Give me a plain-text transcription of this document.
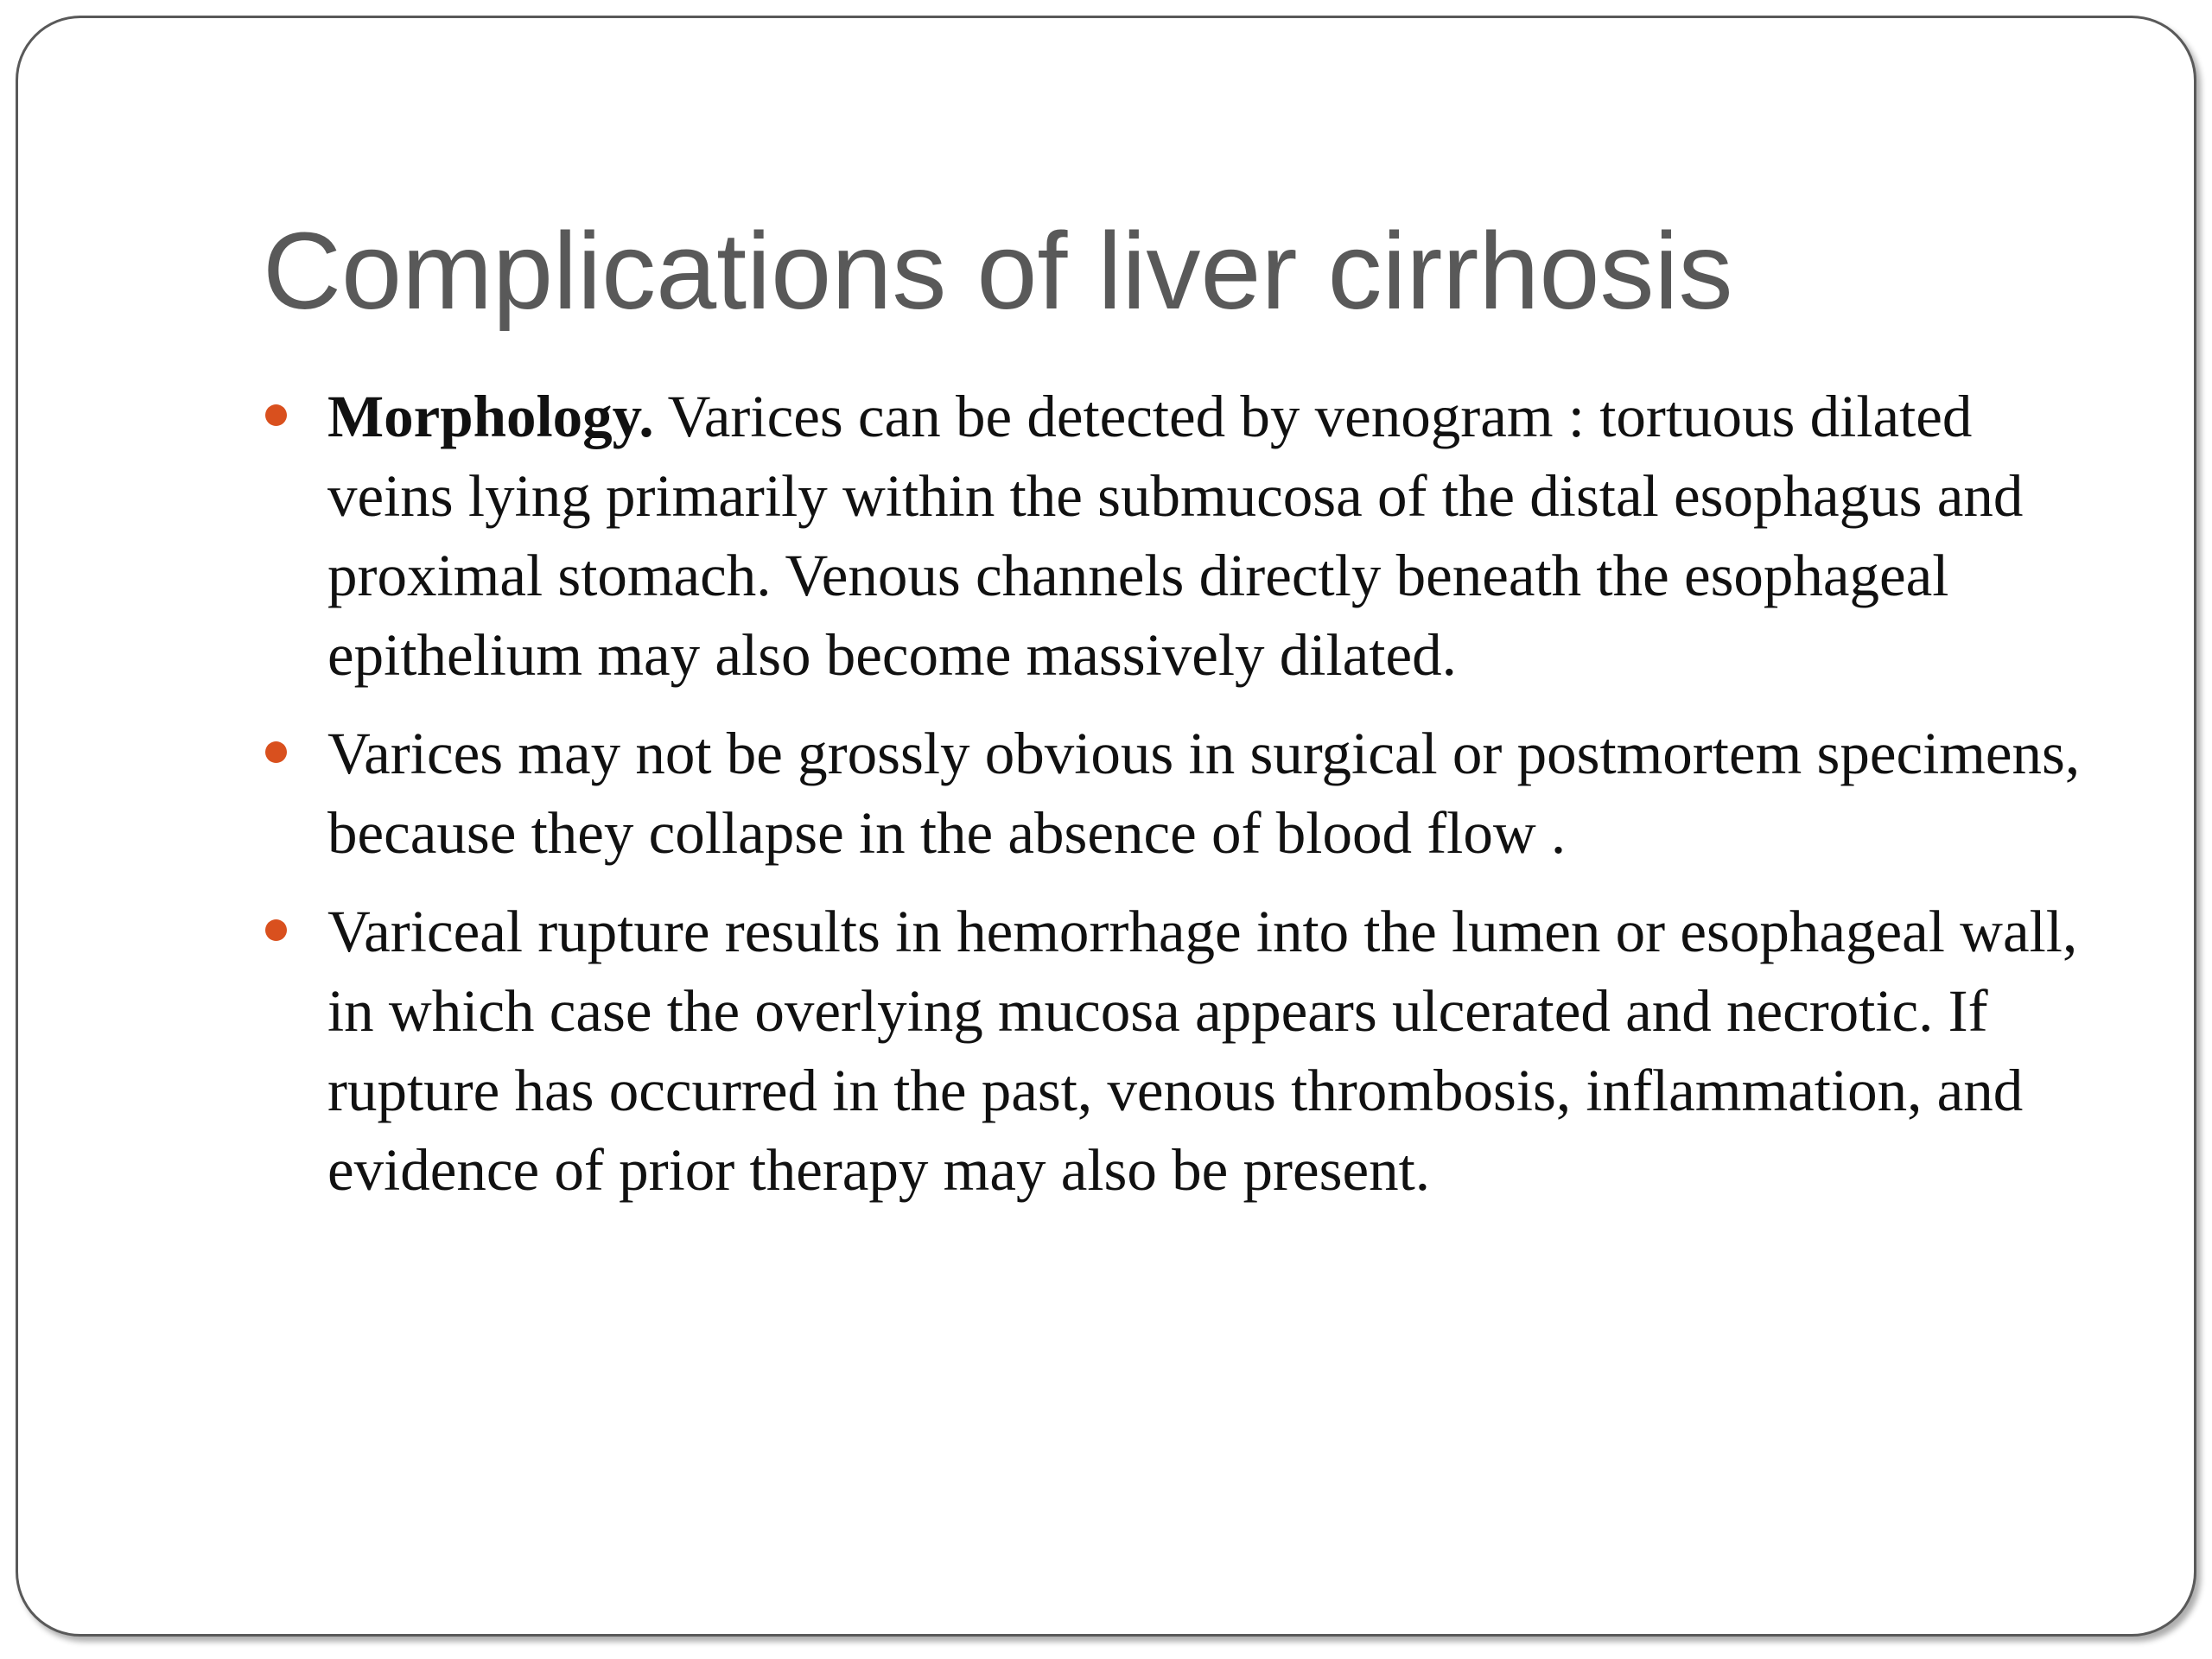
Complications of liver cirrhosis
Morphology. Varices can be detected by venogram : tortuous dilated veins lying primarily within the submucosa of the distal esophagus and proximal stomach. Venous channels directly beneath the esophageal epithelium may also become massively dilated.
Varices may not be grossly obvious in surgical or postmortem specimens, because they collapse in the absence of blood flow .
Variceal rupture results in hemorrhage into the lumen or esophageal wall, in which case the overlying mucosa appears ulcerated and necrotic. If rupture has occurred in the past, venous thrombosis, inflammation, and evidence of prior therapy may also be present.
